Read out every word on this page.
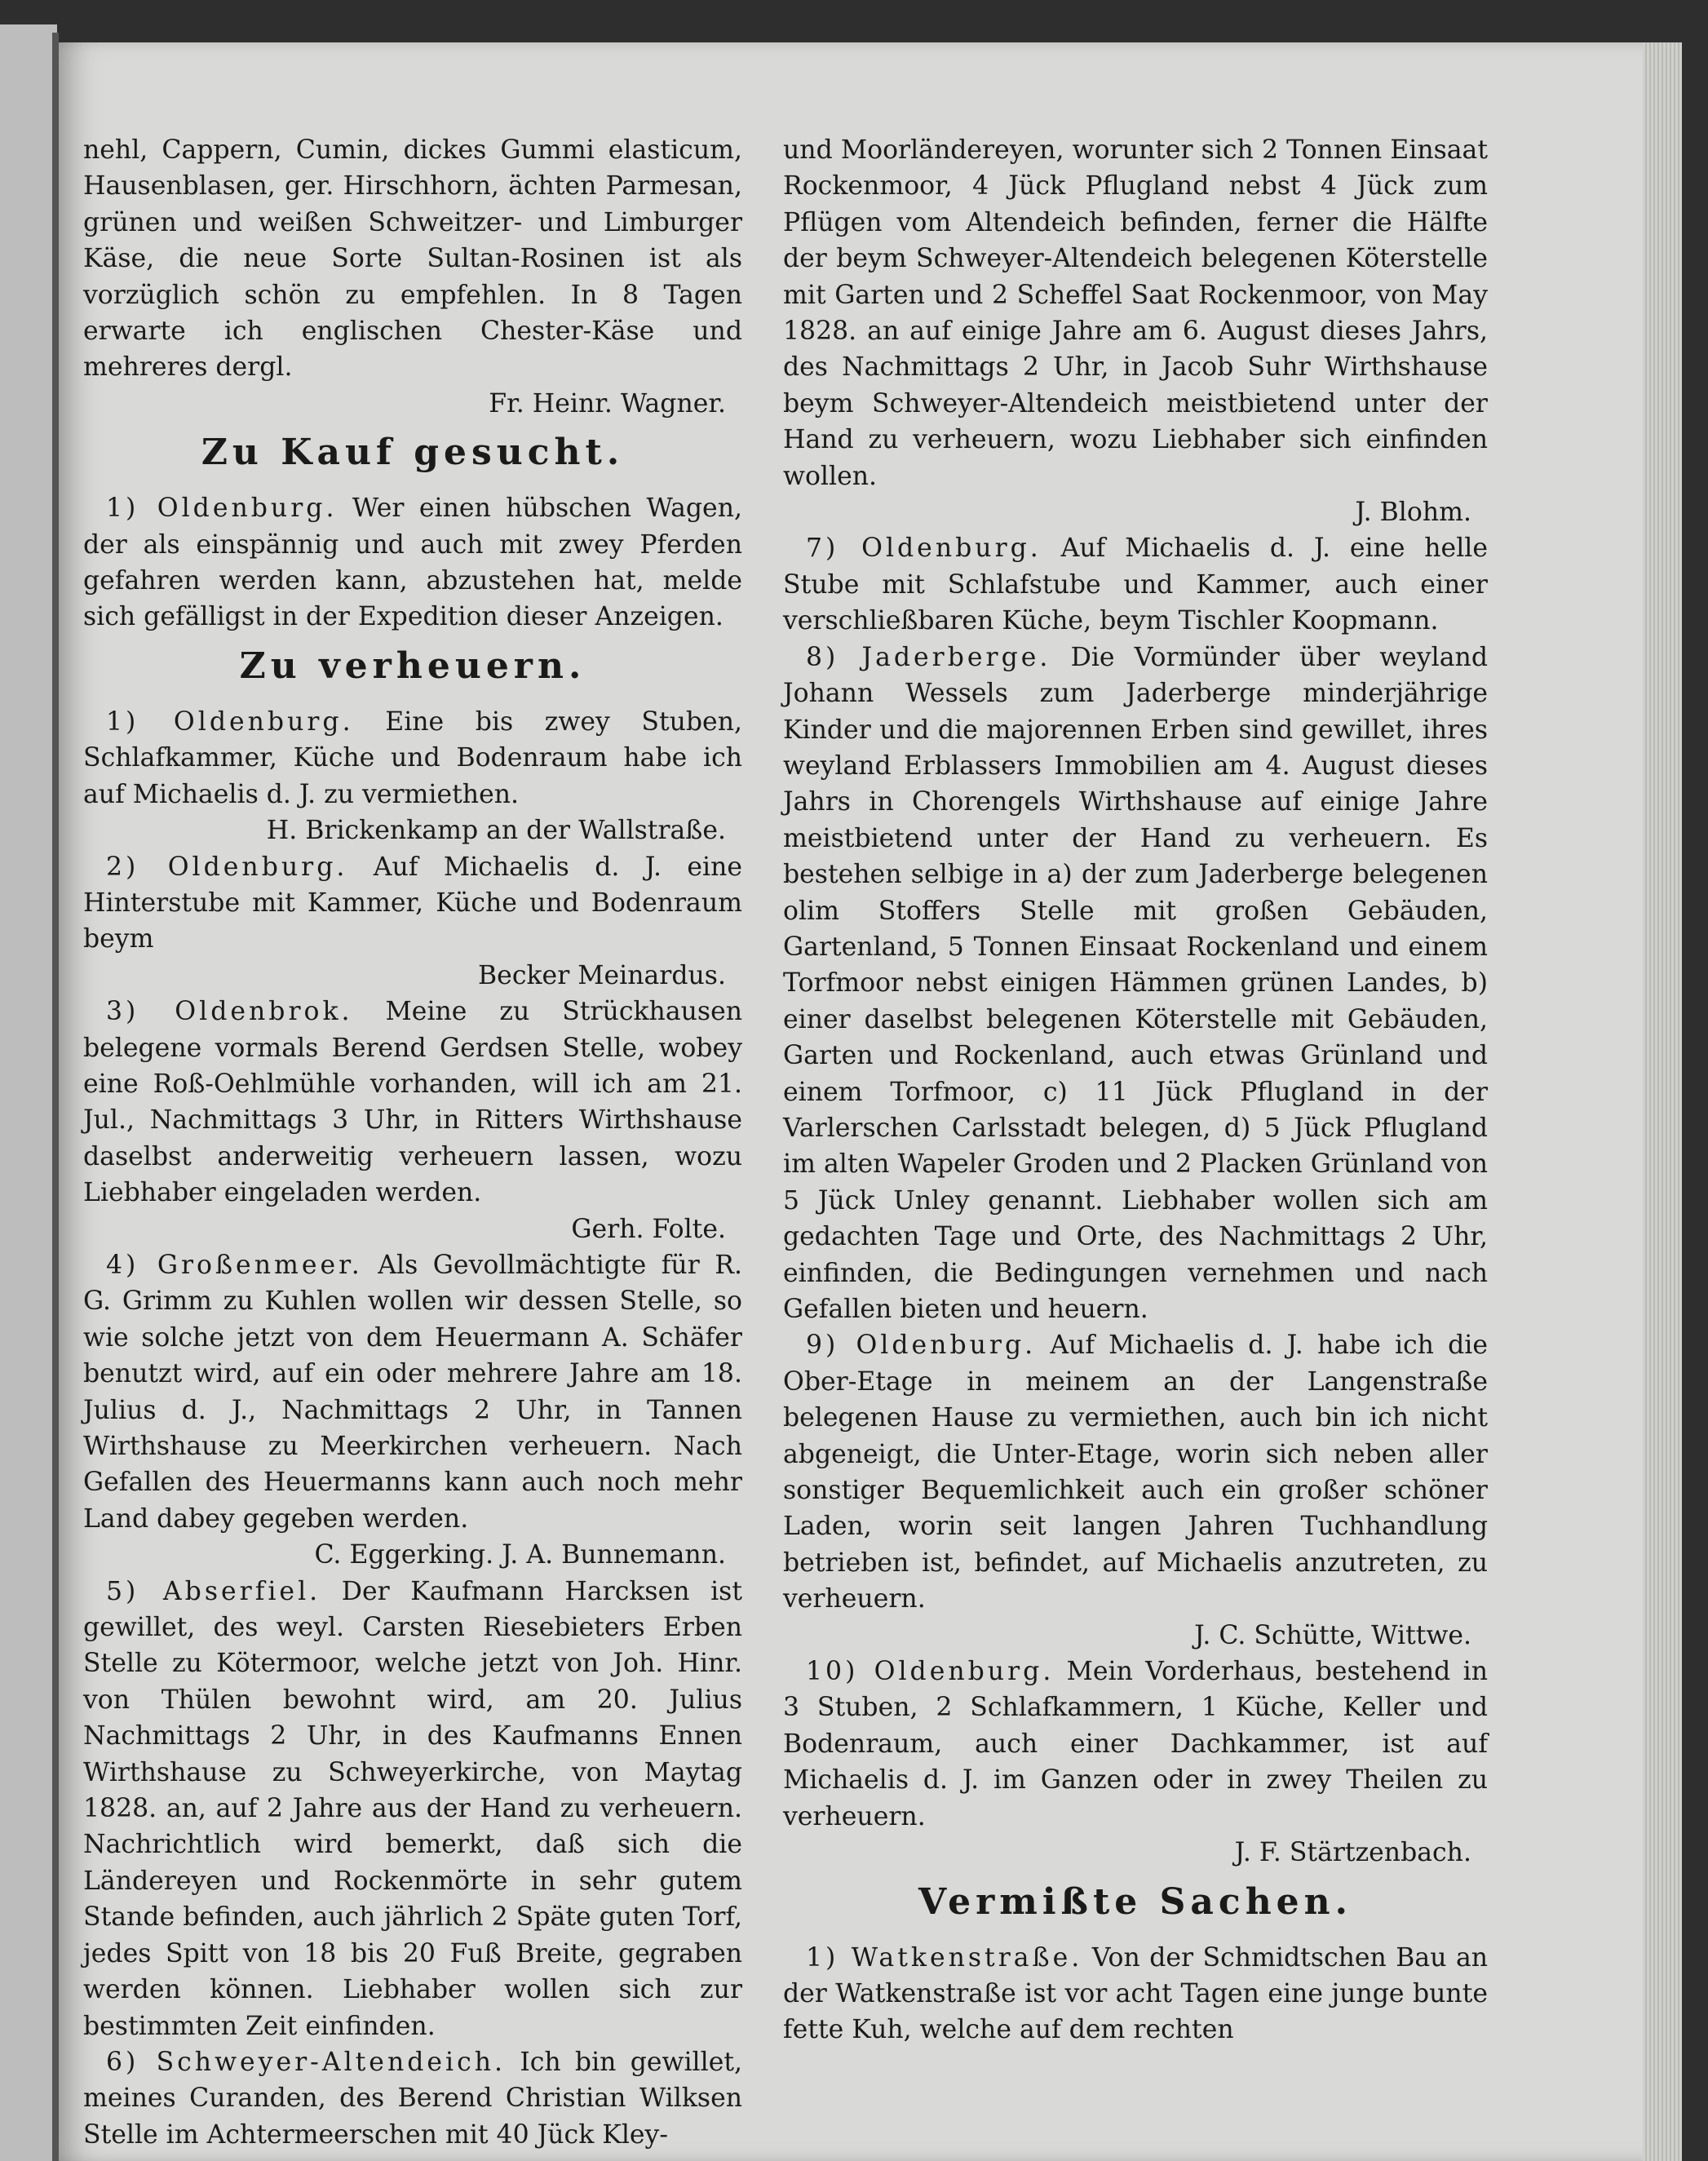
nehl, Cappern, Cumin, dickes Gummi elasticum, Hausenblasen, ger. Hirschhorn, ächten Parmesan, grünen und weißen Schweitzer- und Limburger Käse, die neue Sorte Sultan-Rosinen ist als vorzüglich schön zu empfehlen. In 8 Tagen erwarte ich englischen Chester-Käse und mehreres dergl.

Fr. Heinr. Wagner.

Zu Kauf gesucht.

1) Oldenburg. Wer einen hübschen Wagen, der als einspännig und auch mit zwey Pferden gefahren werden kann, abzustehen hat, melde sich gefälligst in der Expedition dieser Anzeigen.

Zu verheuern.

1) Oldenburg. Eine bis zwey Stuben, Schlafkammer, Küche und Bodenraum habe ich auf Michaelis d. J. zu vermiethen.

H. Brickenkamp an der Wallstraße.

2) Oldenburg. Auf Michaelis d. J. eine Hinterstube mit Kammer, Küche und Bodenraum beym

Becker Meinardus.

3) Oldenbrok. Meine zu Strückhausen belegene vormals Berend Gerdsen Stelle, wobey eine Roß-Oehlmühle vorhanden, will ich am 21. Jul., Nachmittags 3 Uhr, in Ritters Wirthshause daselbst anderweitig verheuern lassen, wozu Liebhaber eingeladen werden.

Gerh. Folte.

4) Großenmeer. Als Gevollmächtigte für R. G. Grimm zu Kuhlen wollen wir dessen Stelle, so wie solche jetzt von dem Heuermann A. Schäfer benutzt wird, auf ein oder mehrere Jahre am 18. Julius d. J., Nachmittags 2 Uhr, in Tannen Wirthshause zu Meerkirchen verheuern. Nach Gefallen des Heuermanns kann auch noch mehr Land dabey gegeben werden.

C. Eggerking. J. A. Bunnemann.

5) Abserfiel. Der Kaufmann Harcksen ist gewillet, des weyl. Carsten Riesebieters Erben Stelle zu Kötermoor, welche jetzt von Joh. Hinr. von Thülen bewohnt wird, am 20. Julius Nachmittags 2 Uhr, in des Kaufmanns Ennen Wirthshause zu Schweyerkirche, von Maytag 1828. an, auf 2 Jahre aus der Hand zu verheuern. Nachrichtlich wird bemerkt, daß sich die Ländereyen und Rockenmörte in sehr gutem Stande befinden, auch jährlich 2 Späte guten Torf, jedes Spitt von 18 bis 20 Fuß Breite, gegraben werden können. Liebhaber wollen sich zur bestimmten Zeit einfinden.

6) Schweyer-Altendeich. Ich bin gewillet, meines Curanden, des Berend Christian Wilksen Stelle im Achtermeerschen mit 40 Jück Kley-

und Moorländereyen, worunter sich 2 Tonnen Einsaat Rockenmoor, 4 Jück Pflugland nebst 4 Jück zum Pflügen vom Altendeich befinden, ferner die Hälfte der beym Schweyer-Altendeich belegenen Köterstelle mit Garten und 2 Scheffel Saat Rockenmoor, von May 1828. an auf einige Jahre am 6. August dieses Jahrs, des Nachmittags 2 Uhr, in Jacob Suhr Wirthshause beym Schweyer-Altendeich meistbietend unter der Hand zu verheuern, wozu Liebhaber sich einfinden wollen.

J. Blohm.

7) Oldenburg. Auf Michaelis d. J. eine helle Stube mit Schlafstube und Kammer, auch einer verschließbaren Küche, beym Tischler Koopmann.

8) Jaderberge. Die Vormünder über weyland Johann Wessels zum Jaderberge minderjährige Kinder und die majorennen Erben sind gewillet, ihres weyland Erblassers Immobilien am 4. August dieses Jahrs in Chorengels Wirthshause auf einige Jahre meistbietend unter der Hand zu verheuern. Es bestehen selbige in a) der zum Jaderberge belegenen olim Stoffers Stelle mit großen Gebäuden, Gartenland, 5 Tonnen Einsaat Rockenland und einem Torfmoor nebst einigen Hämmen grünen Landes, b) einer daselbst belegenen Köterstelle mit Gebäuden, Garten und Rockenland, auch etwas Grünland und einem Torfmoor, c) 11 Jück Pflugland in der Varlerschen Carlsstadt belegen, d) 5 Jück Pflugland im alten Wapeler Groden und 2 Placken Grünland von 5 Jück Unley genannt. Liebhaber wollen sich am gedachten Tage und Orte, des Nachmittags 2 Uhr, einfinden, die Bedingungen vernehmen und nach Gefallen bieten und heuern.

9) Oldenburg. Auf Michaelis d. J. habe ich die Ober-Etage in meinem an der Langenstraße belegenen Hause zu vermiethen, auch bin ich nicht abgeneigt, die Unter-Etage, worin sich neben aller sonstiger Bequemlichkeit auch ein großer schöner Laden, worin seit langen Jahren Tuchhandlung betrieben ist, befindet, auf Michaelis anzutreten, zu verheuern.

J. C. Schütte, Wittwe.

10) Oldenburg. Mein Vorderhaus, bestehend in 3 Stuben, 2 Schlafkammern, 1 Küche, Keller und Bodenraum, auch einer Dachkammer, ist auf Michaelis d. J. im Ganzen oder in zwey Theilen zu verheuern.

J. F. Stärtzenbach.

Vermißte Sachen.

1) Watkenstraße. Von der Schmidtschen Bau an der Watkenstraße ist vor acht Tagen eine junge bunte fette Kuh, welche auf dem rechten
